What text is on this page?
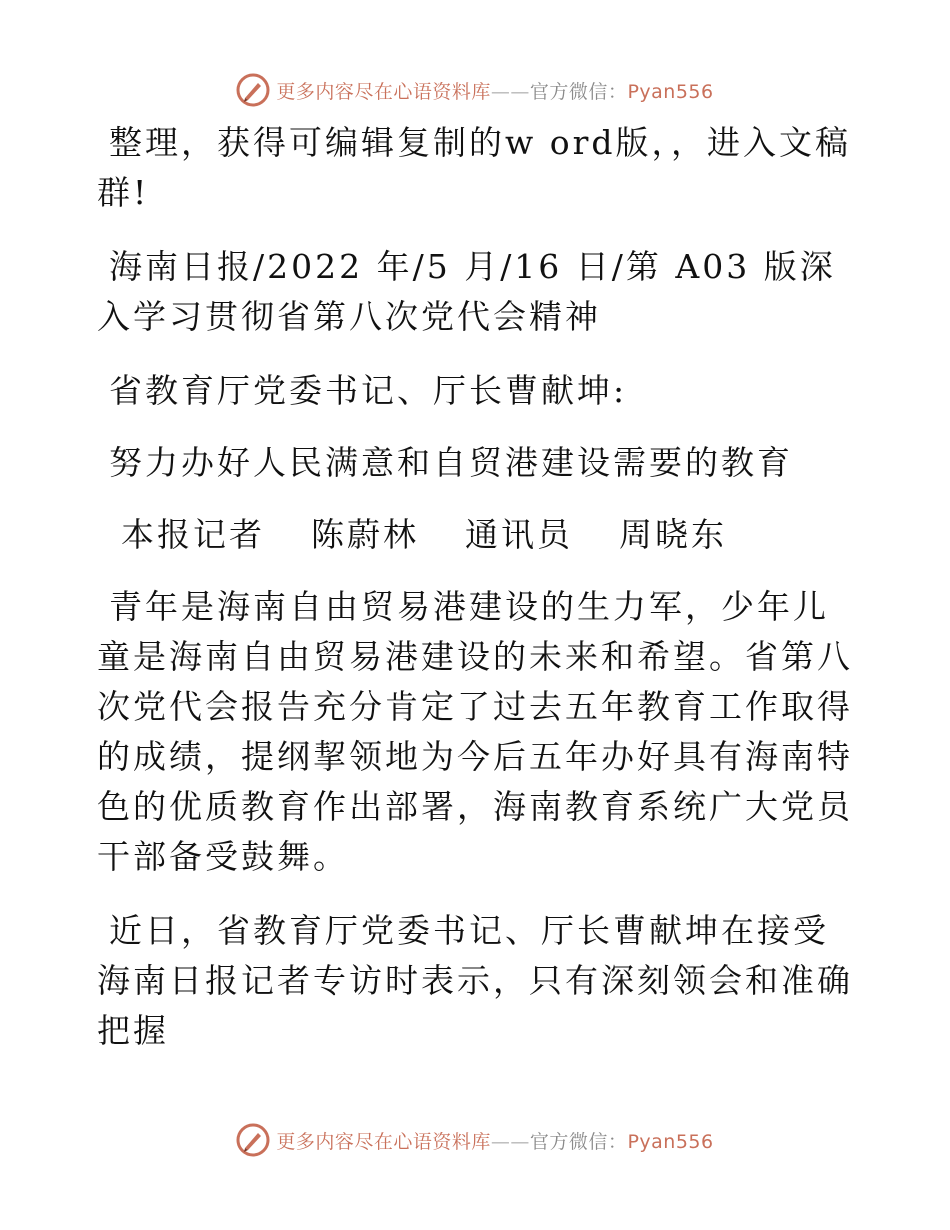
更多内容尽在心语资料库——官方微信：Pyan556

整理，获得可编辑复制的w ord版，，进入文稿群!

海南日报/2022 年/5 月/16 日/第 A03 版深入学习贯彻省第八次党代会精神

省教育厅党委书记、厅长曹献坤:

努力办好人民满意和自贸港建设需要的教育

本报记者 陈蔚林 通讯员 周晓东

青年是海南自由贸易港建设的生力军，少年儿童是海南自由贸易港建设的未来和希望。省第八次党代会报告充分肯定了过去五年教育工作取得的成绩，提纲挈领地为今后五年办好具有海南特色的优质教育作出部署，海南教育系统广大党员干部备受鼓舞。

近日，省教育厅党委书记、厅长曹献坤在接受海南日报记者专访时表示，只有深刻领会和准确把握

更多内容尽在心语资料库——官方微信：Pyan556
